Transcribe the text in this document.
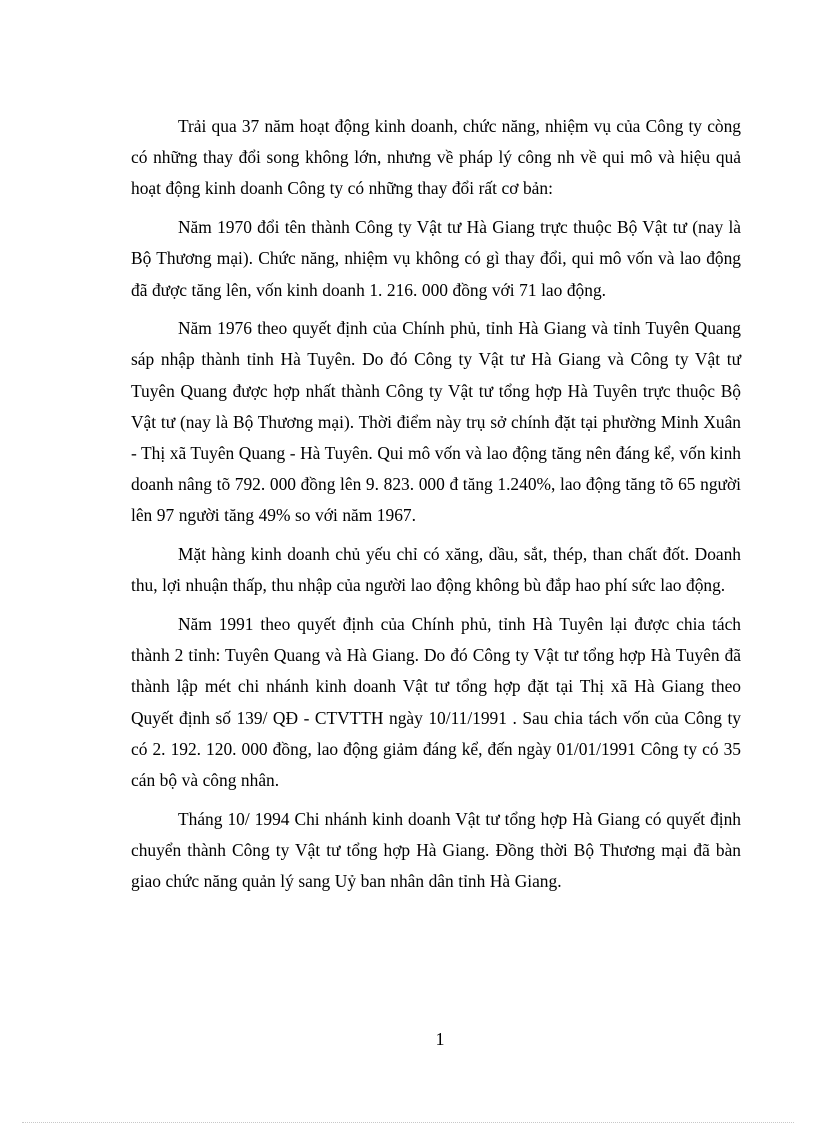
Trải qua 37 năm hoạt động kinh doanh, chức năng, nhiệm vụ của Công ty còng có những thay đổi song không lớn, nhưng về pháp lý công nh về qui mô và hiệu quả hoạt động kinh doanh Công ty có những thay đổi rất cơ bản:

Năm 1970 đổi tên thành Công ty Vật tư Hà Giang trực thuộc Bộ Vật tư (nay là Bộ Thương mại). Chức năng, nhiệm vụ không có gì thay đổi, qui mô vốn và lao động đã được tăng lên, vốn kinh doanh 1. 216. 000 đồng với 71 lao động.

Năm 1976 theo quyết định của Chính phủ, tỉnh Hà Giang và tỉnh Tuyên Quang sáp nhập thành tỉnh Hà Tuyên. Do đó Công ty Vật tư Hà Giang và Công ty Vật tư Tuyên Quang được hợp nhất thành Công ty Vật tư tổng hợp Hà Tuyên trực thuộc Bộ Vật tư (nay là Bộ Thương mại). Thời điểm này trụ sở chính đặt tại phường Minh Xuân - Thị xã Tuyên Quang - Hà Tuyên. Qui mô vốn và lao động tăng nên đáng kể, vốn kinh doanh nâng tõ 792. 000 đồng lên 9. 823. 000 đ tăng 1.240%, lao động tăng tõ 65 người lên 97 người tăng 49% so với năm 1967.

Mặt hàng kinh doanh chủ yếu chỉ có xăng, dầu, sắt, thép, than chất đốt. Doanh thu, lợi nhuận thấp, thu nhập của người lao động không bù đắp hao phí sức lao động.

Năm 1991 theo quyết định của Chính phủ, tỉnh Hà Tuyên lại được chia tách thành 2 tỉnh: Tuyên Quang và Hà Giang. Do đó Công ty Vật tư tổng hợp Hà Tuyên đã thành lập mét chi nhánh kinh doanh Vật tư tổng hợp đặt tại Thị xã Hà Giang theo Quyết định số 139/ QĐ - CTVTTH ngày 10/11/1991 . Sau chia tách vốn của Công ty có 2. 192. 120. 000 đồng, lao động giảm đáng kể, đến ngày 01/01/1991 Công ty có 35 cán bộ và công nhân.

Tháng 10/ 1994 Chi nhánh kinh doanh Vật tư tổng hợp Hà Giang có quyết định chuyển thành Công ty Vật tư tổng hợp Hà Giang. Đồng thời Bộ Thương mại đã bàn giao chức năng quản lý sang Uỷ ban nhân dân tỉnh Hà Giang.

1
